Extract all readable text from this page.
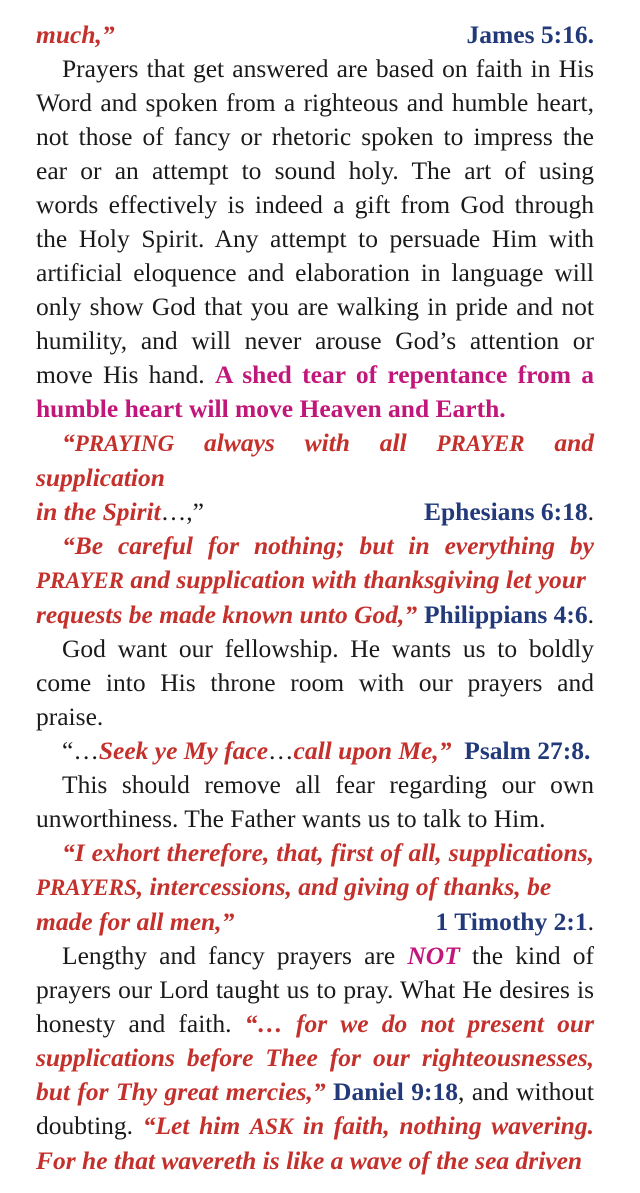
much,”	James 5:16.

Prayers that get answered are based on faith in His Word and spoken from a righteous and humble heart, not those of fancy or rhetoric spoken to impress the ear or an attempt to sound holy. The art of using words effectively is indeed a gift from God through the Holy Spirit. Any attempt to persuade Him with artificial eloquence and elaboration in language will only show God that you are walking in pride and not humility, and will never arouse God’s attention or move His hand. A shed tear of repentance from a humble heart will move Heaven and Earth.

“PRAYING always with all PRAYER and supplication

in the Spirit…,”	Ephesians 6:18.

“Be careful for nothing; but in everything by PRAYER and supplication with thanksgiving let your

requests be made known unto God,” Philippians 4:6.

God want our fellowship. He wants us to boldly come into His throne room with our prayers and praise.

“…Seek ye My face…call upon Me,” Psalm 27:8.

This should remove all fear regarding our own unworthiness. The Father wants us to talk to Him.

“I exhort therefore, that, first of all, supplications, PRAYERS, intercessions, and giving of thanks, be

made for all men,”	1 Timothy 2:1.

Lengthy and fancy prayers are NOT the kind of prayers our Lord taught us to pray. What He desires is honesty and faith. “… for we do not present our supplications before Thee for our righteousnesses, but for Thy great mercies,” Daniel 9:18, and without doubting. “Let him ASK in faith, nothing wavering. For he that wavereth is like a wave of the sea driven
